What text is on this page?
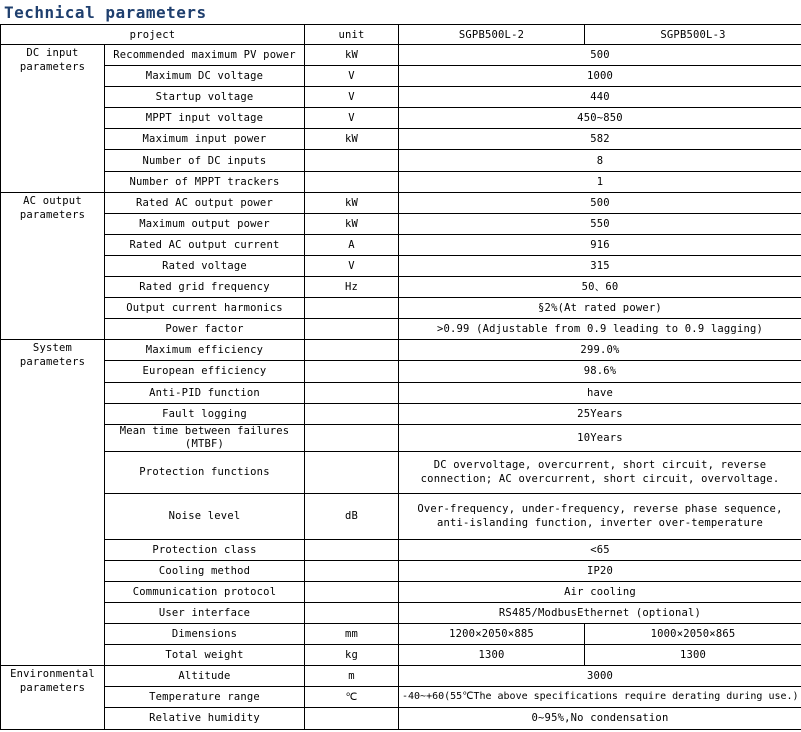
Technical parameters
project		unit	SGPB500L-2	SGPB500L-3
DC input parameters	Recommended maximum PV power	kW	500	
	Maximum DC voltage	V	1000	
	Startup voltage	V	440	
	MPPT input voltage	V	450~850	
	Maximum input power	kW	582	
	Number of DC inputs		8	
	Number of MPPT trackers		1	
AC output parameters	Rated AC output power	kW	500	
	Maximum output power	kW	550	
	Rated AC output current	A	916	
	Rated voltage	V	315	
	Rated grid frequency	Hz	50、60	
	Output current harmonics		§2%(At rated power)	
	Power factor		>0.99 (Adjustable from 0.9 leading to 0.9 lagging)	
System parameters	Maximum efficiency		299.0%	
	European efficiency		98.6%	
	Anti-PID function		have	
	Fault logging		25Years	
	Mean time between failures (MTBF)		10Years	
	Protection functions		DC overvoltage, overcurrent, short circuit, reverse connection; AC overcurrent, short circuit, overvoltage.	
	Noise level	dB	Over-frequency, under-frequency, reverse phase sequence, anti-islanding function, inverter over-temperature	
	Protection class		<65	
	Cooling method		IP20	
	Communication protocol		Air cooling	
	User interface		RS485/ModbusEthernet (optional)	
	Dimensions	mm	1200×2050×885	1000×2050×865
	Total weight	kg	1300	1300
Environmental parameters	Altitude	m	3000	
	Temperature range	℃	-40~+60(55℃The above specifications require derating during use.)	
	Relative humidity		0~95%,No condensation	
